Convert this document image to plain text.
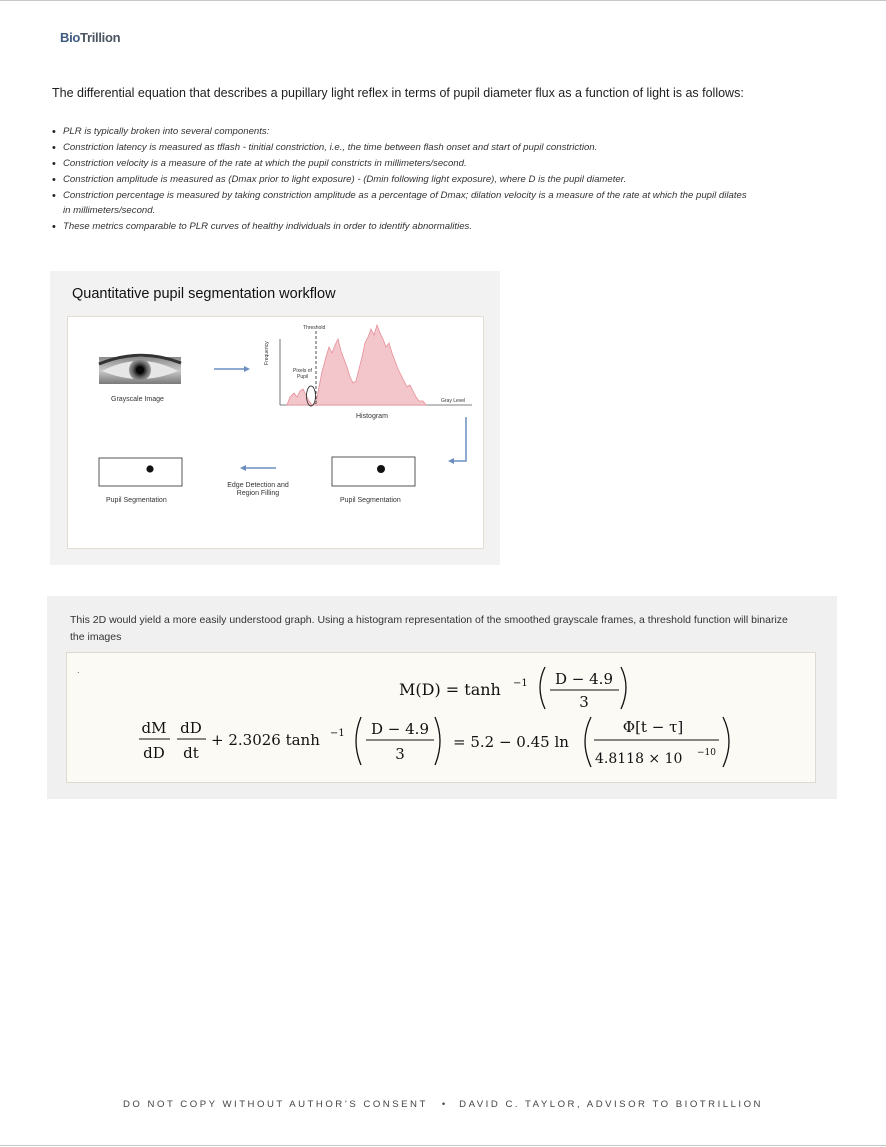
BioTrillion
The differential equation that describes a pupillary light reflex in terms of pupil diameter flux as a function of light is as follows:
• PLR is typically broken into several components:
• Constriction latency is measured as tflash - tinitial constriction, i.e., the time between flash onset and start of pupil constriction.
• Constriction velocity is a measure of the rate at which the pupil constricts in millimeters/second.
• Constriction amplitude is measured as (Dmax prior to light exposure) - (Dmin following light exposure), where D is the pupil diameter.
• Constriction percentage is measured by taking constriction amplitude as a percentage of Dmax; dilation velocity is a measure of the rate at which the pupil dilates
in millimeters/second.
• These metrics comparable to PLR curves of healthy individuals in order to identify abnormalities.
Quantitative pupil segmentation workflow
Grayscale Image
Threshold
Frequency
Pixels of
Pupil
Gray Level
Histogram
Edge Detection and
Region Filling
Pupil Segmentation	Pupil Segmentation
This 2D would yield a more easily understood graph. Using a histogram representation of the smoothed grayscale frames, a threshold function will binarize the images
.
M(D) = tanh −1 D − 4.9
3
dM
dD
dD
dt
+ 2.3026 tanh −1 D − 4.9
3
= 5.2 − 0.45 ln
Φ[t − τ]
4.8118 × 10 −10
DO NOT COPY WITHOUT AUTHOR’S CONSENT • DAVID C. TAYLOR, ADVISOR TO BIOTRILLION
